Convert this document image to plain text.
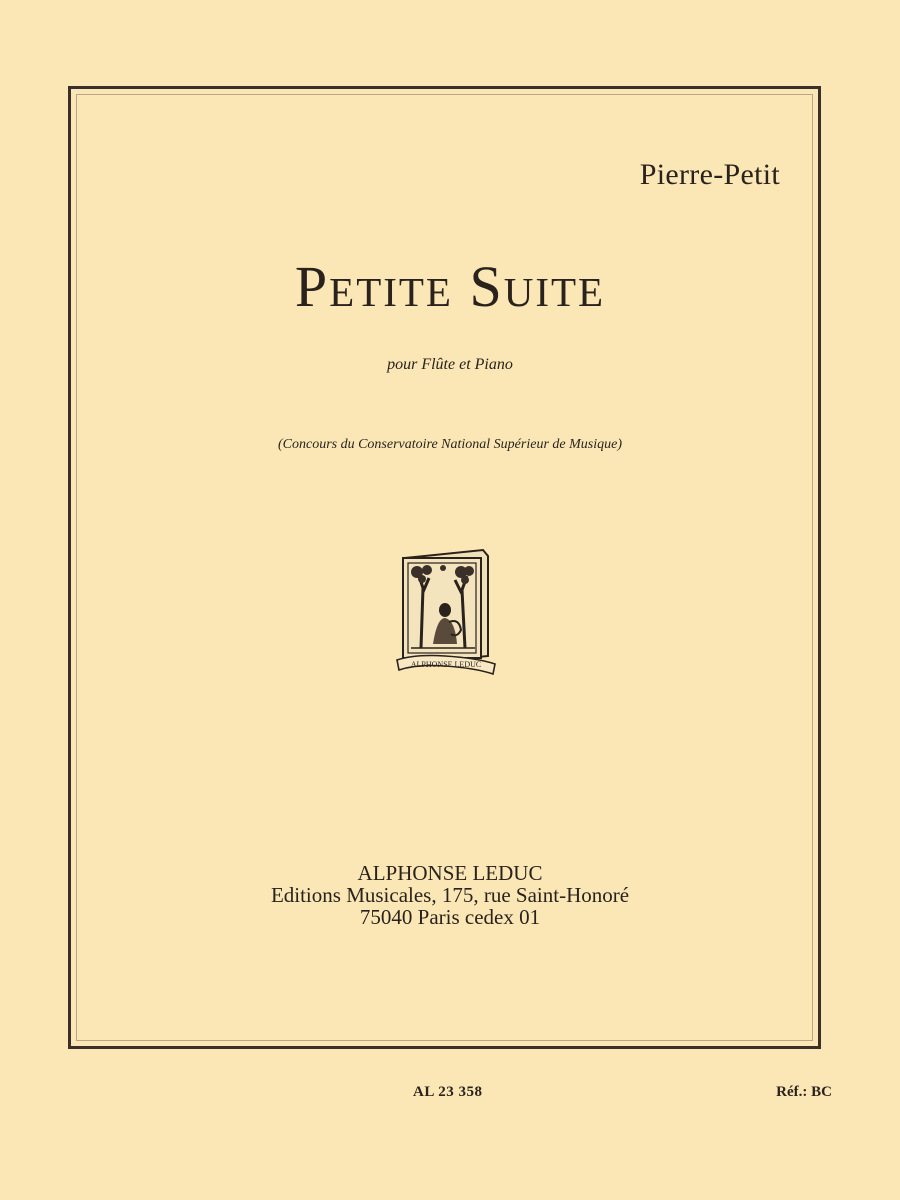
Pierre-Petit
Petite Suite
pour Flûte et Piano
(Concours du Conservatoire National Supérieur de Musique)
ALPHONSE LEDUC
ALPHONSE LEDUC
Editions Musicales, 175, rue Saint-Honoré
75040 Paris cedex 01
AL 23 358	Réf.: BC
